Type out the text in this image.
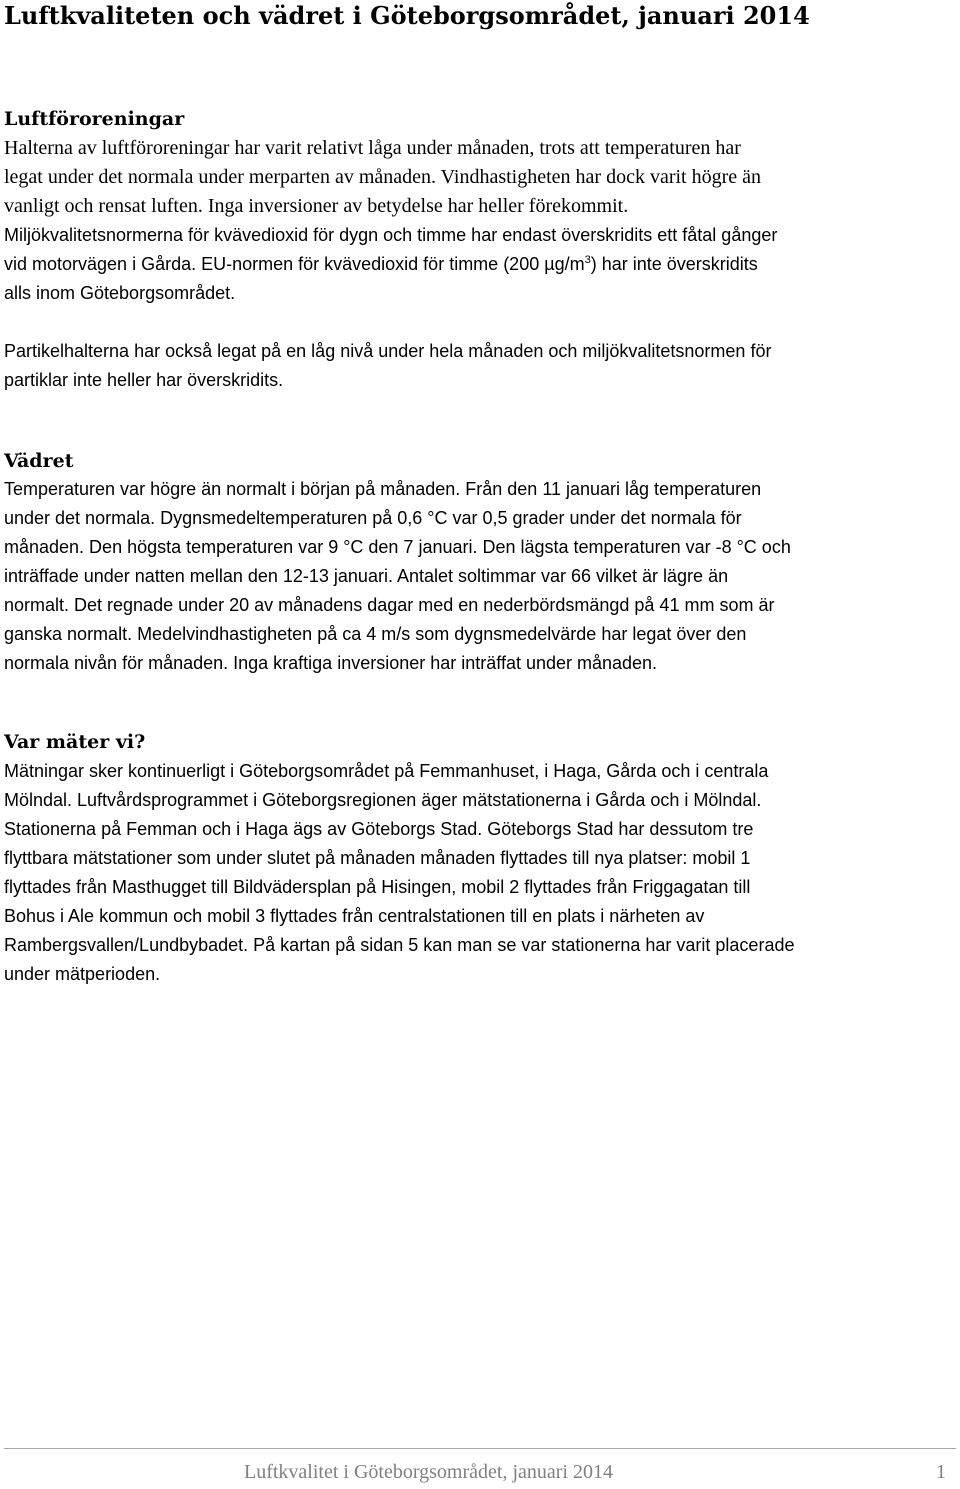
Luftkvaliteten och vädret i Göteborgsområdet, januari 2014
Luftföroreningar
Halterna av luftföroreningar har varit relativt låga under månaden, trots att temperaturen har
legat under det normala under merparten av månaden. Vindhastigheten har dock varit högre än
vanligt och rensat luften. Inga inversioner av betydelse har heller förekommit.
Miljökvalitetsnormerna för kvävedioxid för dygn och timme har endast överskridits ett fåtal gånger
vid motorvägen i Gårda. EU-normen för kvävedioxid för timme (200 $\mu g/m^3$) har inte överskridits
alls inom Göteborgsområdet.
Partikelhalterna har också legat på en låg nivå under hela månaden och miljökvalitetsnormen för
partiklar inte heller har överskridits.
Vädret
Temperaturen var högre än normalt i början på månaden. Från den 11 januari låg temperaturen
under det normala. Dygnsmedeltemperaturen på 0,6 °C var 0,5 grader under det normala för
månaden. Den högsta temperaturen var 9 °C den 7 januari. Den lägsta temperaturen var -8 °C och
inträffade under natten mellan den 12-13 januari. Antalet soltimmar var 66 vilket är lägre än
normalt. Det regnade under 20 av månadens dagar med en nederbördsmängd på 41 mm som är
ganska normalt. Medelvindhastigheten på ca 4 m/s som dygnsmedelvärde har legat över den
normala nivån för månaden. Inga kraftiga inversioner har inträffat under månaden.
Var mäter vi?
Mätningar sker kontinuerligt i Göteborgsområdet på Femmanhuset, i Haga, Gårda och i centrala
Mölndal. Luftvårdsprogrammet i Göteborgsregionen äger mätstationerna i Gårda och i Mölndal.
Stationerna på Femman och i Haga ägs av Göteborgs Stad. Göteborgs Stad har dessutom tre
flyttbara mätstationer som under slutet på månaden månaden flyttades till nya platser: mobil 1
flyttades från Masthugget till Bildvädersplan på Hisingen, mobil 2 flyttades från Friggagatan till
Bohus i Ale kommun och mobil 3 flyttades från centralstationen till en plats i närheten av
Rambergsvallen/Lundbybadet. På kartan på sidan 5 kan man se var stationerna har varit placerade
under mätperioden.
Luftkvalitet i Göteborgsområdet, januari 2014	1
